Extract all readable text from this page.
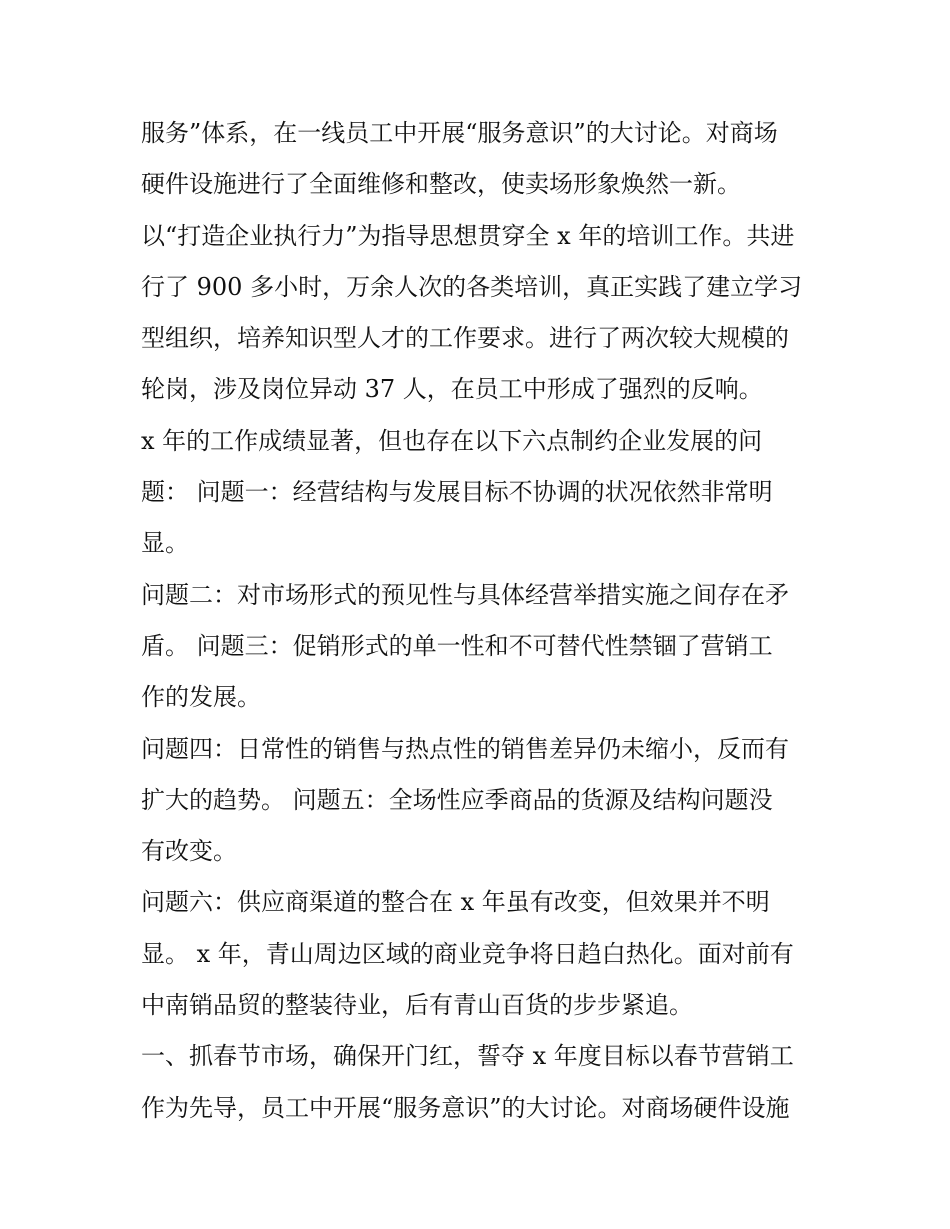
服务”体系，在一线员工中开展“服务意识”的大讨论。对商场
硬件设施进行了全面维修和整改，使卖场形象焕然一新。
以“打造企业执行力”为指导思想贯穿全 x 年的培训工作。共进
行了 900 多小时，万余人次的各类培训，真正实践了建立学习
型组织，培养知识型人才的工作要求。进行了两次较大规模的
轮岗，涉及岗位异动 37 人，在员工中形成了强烈的反响。
x 年的工作成绩显著，但也存在以下六点制约企业发展的问
题： 问题一：经营结构与发展目标不协调的状况依然非常明
显。
问题二：对市场形式的预见性与具体经营举措实施之间存在矛
盾。 问题三：促销形式的单一性和不可替代性禁锢了营销工
作的发展。
问题四：日常性的销售与热点性的销售差异仍未缩小，反而有
扩大的趋势。 问题五：全场性应季商品的货源及结构问题没
有改变。
问题六：供应商渠道的整合在 x 年虽有改变，但效果并不明
显。 x 年，青山周边区域的商业竞争将日趋白热化。面对前有
中南销品贸的整装待业，后有青山百货的步步紧追。
一、抓春节市场，确保开门红，誓夺 x 年度目标以春节营销工
作为先导，员工中开展“服务意识”的大讨论。对商场硬件设施
